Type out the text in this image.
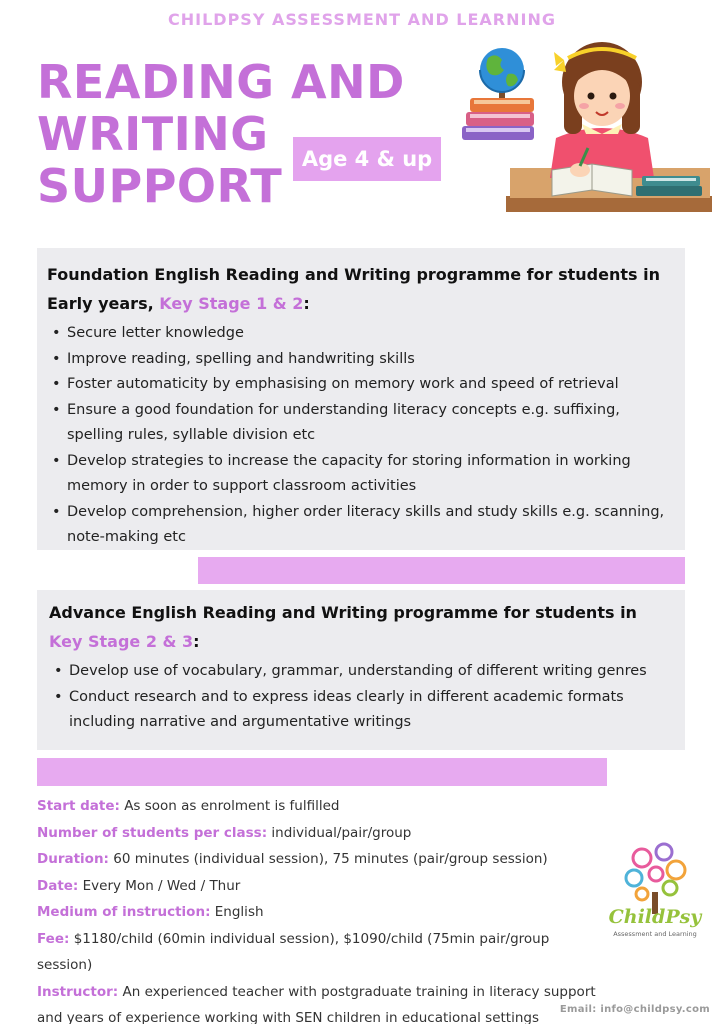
CHILDPSY ASSESSMENT AND LEARNING
READING AND
WRITING
SUPPORT Age 4 & up
Foundation English Reading and Writing programme for students in
Early years, Key Stage 1 & 2:
• Secure letter knowledge
• Improve reading, spelling and handwriting skills
• Foster automaticity by emphasising on memory work and speed of retrieval
• Ensure a good foundation for understanding literacy concepts e.g. suffixing, spelling rules, syllable division etc
• Develop strategies to increase the capacity for storing information in working memory in order to support classroom activities
• Develop comprehension, higher order literacy skills and study skills e.g. scanning, note-making etc
Advance English Reading and Writing programme for students in
Key Stage 2 & 3:
• Develop use of vocabulary, grammar, understanding of different writing genres
• Conduct research and to express ideas clearly in different academic formats including narrative and argumentative writings
Start date: As soon as enrolment is fulfilled
Number of students per class: individual/pair/group
Duration: 60 minutes (individual session), 75 minutes (pair/group session)
Date: Every Mon / Wed / Thur
Medium of instruction: English
Fee: $1180/child (60min individual session), $1090/child (75min pair/group session)
Instructor: An experienced teacher with postgraduate training in literacy support and years of experience working with SEN children in educational settings
ChildPsy
Assessment and Learning
Email: info@childpsy.com
